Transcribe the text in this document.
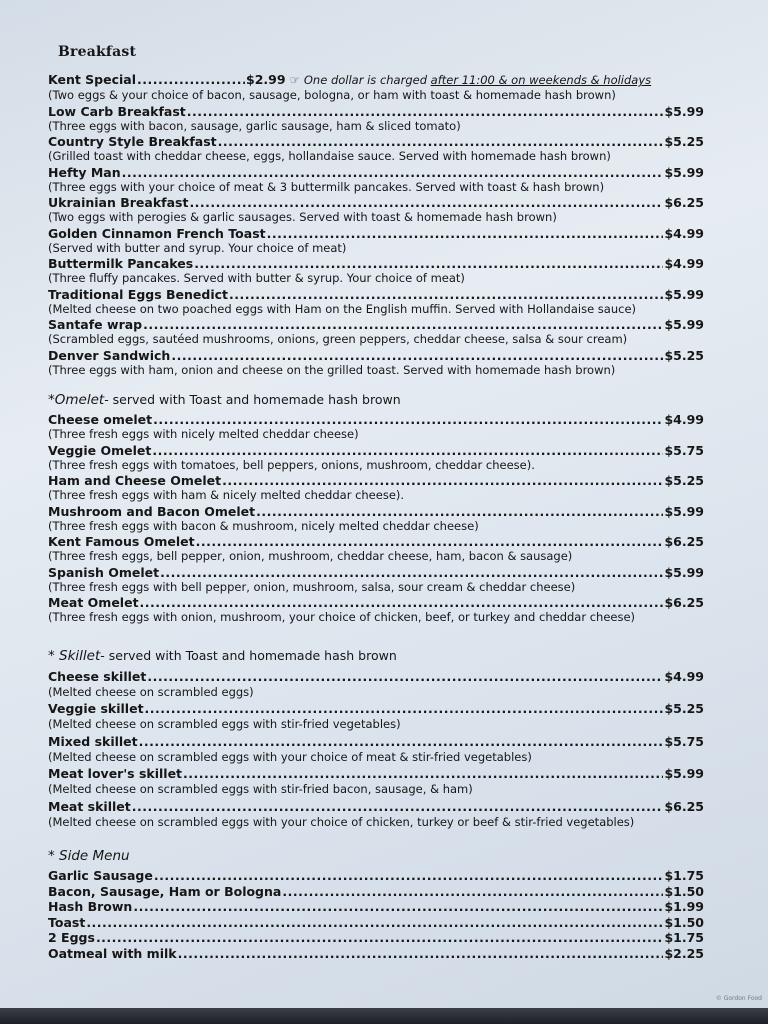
Breakfast
Kent Special .....	$2.99 ☞ One dollar is charged after 11:00 & on weekends & holidays
(Two eggs & your choice of bacon, sausage, bologna, or ham with toast & homemade hash brown)
Low Carb Breakfast .....	$5.99
(Three eggs with bacon, sausage, garlic sausage, ham & sliced tomato)
Country Style Breakfast .....	$5.25
(Grilled toast with cheddar cheese, eggs, hollandaise sauce. Served with homemade hash brown)
Hefty Man .....	$5.99
(Three eggs with your choice of meat & 3 buttermilk pancakes. Served with toast & hash brown)
Ukrainian Breakfast .....	$6.25
(Two eggs with perogies & garlic sausages. Served with toast & homemade hash brown)
Golden Cinnamon French Toast .....	$4.99
(Served with butter and syrup. Your choice of meat)
Buttermilk Pancakes .....	$4.99
(Three fluffy pancakes. Served with butter & syrup. Your choice of meat)
Traditional Eggs Benedict .....	$5.99
(Melted cheese on two poached eggs with Ham on the English muffin. Served with Hollandaise sauce)
Santafe wrap .....	$5.99
(Scrambled eggs, sautéed mushrooms, onions, green peppers, cheddar cheese, salsa & sour cream)
Denver Sandwich .....	$5.25
(Three eggs with ham, onion and cheese on the grilled toast. Served with homemade hash brown)
*Omelet- served with Toast and homemade hash brown
Cheese omelet .....	$4.99
(Three fresh eggs with nicely melted cheddar cheese)
Veggie Omelet .....	$5.75
(Three fresh eggs with tomatoes, bell peppers, onions, mushroom, cheddar cheese).
Ham and Cheese Omelet .....	$5.25
(Three fresh eggs with ham & nicely melted cheddar cheese).
Mushroom and Bacon Omelet .....	$5.99
(Three fresh eggs with bacon & mushroom, nicely melted cheddar cheese)
Kent Famous Omelet .....	$6.25
(Three fresh eggs, bell pepper, onion, mushroom, cheddar cheese, ham, bacon & sausage)
Spanish Omelet .....	$5.99
(Three fresh eggs with bell pepper, onion, mushroom, salsa, sour cream & cheddar cheese)
Meat Omelet .....	$6.25
(Three fresh eggs with onion, mushroom, your choice of chicken, beef, or turkey and cheddar cheese)
* Skillet- served with Toast and homemade hash brown
Cheese skillet .....	$4.99
(Melted cheese on scrambled eggs)
Veggie skillet .....	$5.25
(Melted cheese on scrambled eggs with stir-fried vegetables)
Mixed skillet .....	$5.75
(Melted cheese on scrambled eggs with your choice of meat & stir-fried vegetables)
Meat lover's skillet .....	$5.99
(Melted cheese on scrambled eggs with stir-fried bacon, sausage, & ham)
Meat skillet .....	$6.25
(Melted cheese on scrambled eggs with your choice of chicken, turkey or beef & stir-fried vegetables)
* Side Menu
Garlic Sausage .....	$1.75
Bacon, Sausage, Ham or Bologna .....	$1.50
Hash Brown .....	$1.99
Toast .....	$1.50
2 Eggs .....	$1.75
Oatmeal with milk .....	$2.25
© Gordon Food
